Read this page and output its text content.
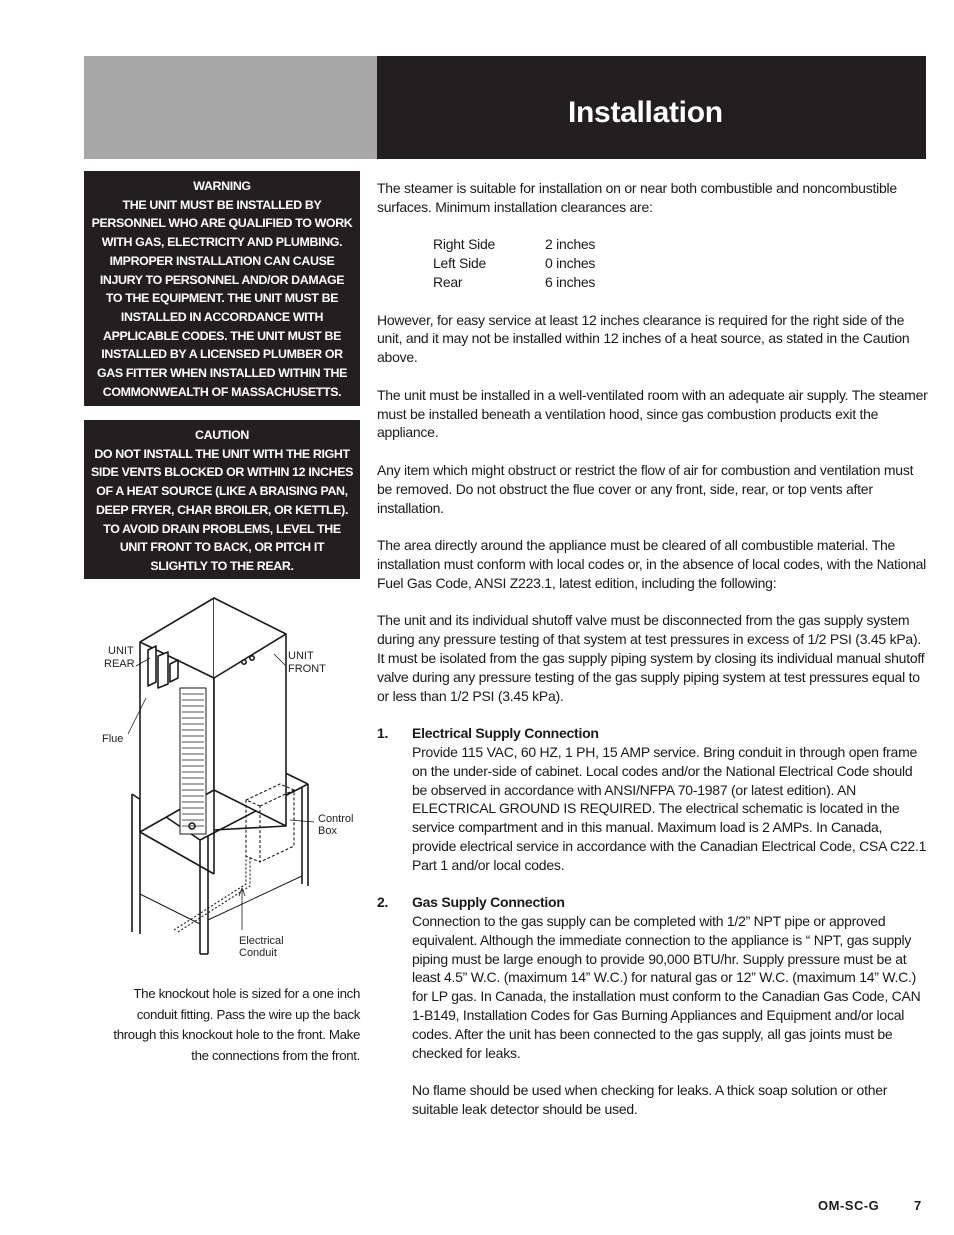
Installation
WARNING
THE UNIT MUST BE INSTALLED BY
PERSONNEL WHO ARE QUALIFIED TO WORK
WITH GAS, ELECTRICITY AND PLUMBING.
IMPROPER INSTALLATION CAN CAUSE
INJURY TO PERSONNEL AND/OR DAMAGE
TO THE EQUIPMENT. THE UNIT MUST BE
INSTALLED IN ACCORDANCE WITH
APPLICABLE CODES. THE UNIT MUST BE
INSTALLED BY A LICENSED PLUMBER OR
GAS FITTER WHEN INSTALLED WITHIN THE
COMMONWEALTH OF MASSACHUSETTS.
CAUTION
DO NOT INSTALL THE UNIT WITH THE RIGHT
SIDE VENTS BLOCKED OR WITHIN 12 INCHES
OF A HEAT SOURCE (LIKE A BRAISING PAN,
DEEP FRYER, CHAR BROILER, OR KETTLE).
TO AVOID DRAIN PROBLEMS, LEVEL THE
UNIT FRONT TO BACK, OR PITCH IT
SLIGHTLY TO THE REAR.
UNIT
REAR
UNIT
FRONT
Flue
Control
Box
Electrical
Conduit
The knockout hole is sized for a one inch
conduit fitting. Pass the wire up the back
through this knockout hole to the front. Make
the connections from the front.

The steamer is suitable for installation on or near both combustible and noncombustible surfaces. Minimum installation clearances are:

Right Side	2 inches
Left Side	0 inches
Rear	6 inches

However, for easy service at least 12 inches clearance is required for the right side of the unit, and it may not be installed within 12 inches of a heat source, as stated in the Caution above.

The unit must be installed in a well-ventilated room with an adequate air supply. The steamer must be installed beneath a ventilation hood, since gas combustion products exit the appliance.

Any item which might obstruct or restrict the flow of air for combustion and ventilation must be removed. Do not obstruct the flue cover or any front, side, rear, or top vents after installation.

The area directly around the appliance must be cleared of all combustible material. The installation must conform with local codes or, in the absence of local codes, with the National Fuel Gas Code, ANSI Z223.1, latest edition, including the following:

The unit and its individual shutoff valve must be disconnected from the gas supply system during any pressure testing of that system at test pressures in excess of 1/2 PSI (3.45 kPa). It must be isolated from the gas supply piping system by closing its individual manual shutoff valve during any pressure testing of the gas supply piping system at test pressures equal to or less than 1/2 PSI (3.45 kPa).

1.	Electrical Supply Connection

Provide 115 VAC, 60 HZ, 1 PH, 15 AMP service. Bring conduit in through open frame on the under-side of cabinet. Local codes and/or the National Electrical Code should be observed in accordance with ANSI/NFPA 70-1987 (or latest edition). AN ELECTRICAL GROUND IS REQUIRED. The electrical schematic is located in the service compartment and in this manual. Maximum load is 2 AMPs. In Canada, provide electrical service in accordance with the Canadian Electrical Code, CSA C22.1 Part 1 and/or local codes.

2.	Gas Supply Connection

Connection to the gas supply can be completed with 1/2” NPT pipe or approved equivalent. Although the immediate connection to the appliance is “ NPT, gas supply piping must be large enough to provide 90,000 BTU/hr. Supply pressure must be at least 4.5” W.C. (maximum 14” W.C.) for natural gas or 12” W.C. (maximum 14” W.C.) for LP gas. In Canada, the installation must conform to the Canadian Gas Code, CAN 1-B149, Installation Codes for Gas Burning Appliances and Equipment and/or local codes. After the unit has been connected to the gas supply, all gas joints must be checked for leaks.

No flame should be used when checking for leaks. A thick soap solution or other suitable leak detector should be used.

OM-SC-G	7
